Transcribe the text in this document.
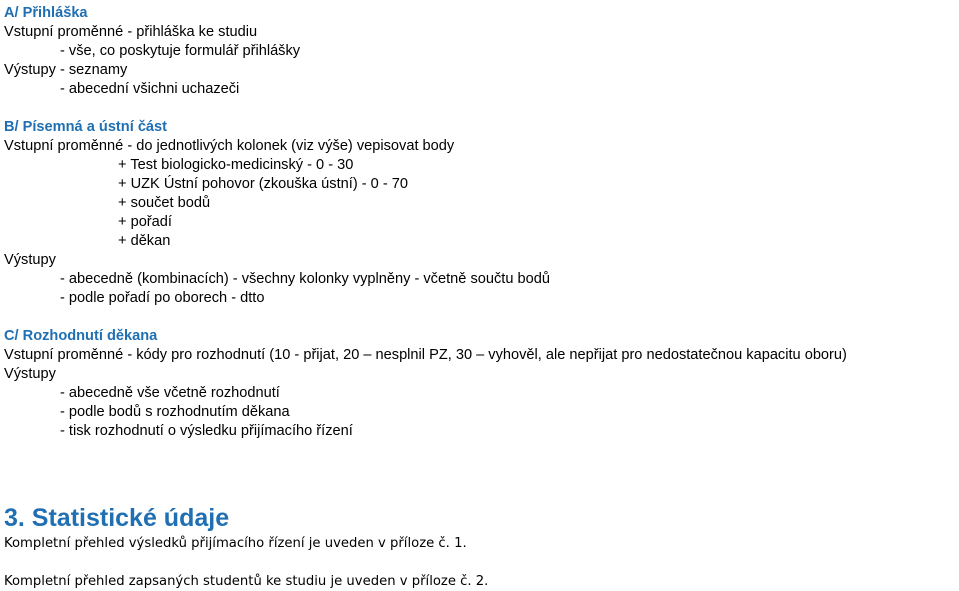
A/ Přihláška
Vstupní proměnné - přihláška ke studiu
- vše, co poskytuje formulář přihlášky
Výstupy - seznamy
- abecední všichni uchazeči
B/ Písemná a ústní část
Vstupní proměnné - do jednotlivých kolonek (viz výše) vepisovat body
+ Test biologicko-medicinský - 0 - 30
+ UZK Ústní pohovor (zkouška ústní) - 0 - 70
+ součet bodů
+ pořadí
+ děkan
Výstupy
- abecedně (kombinacích) - všechny kolonky vyplněny - včetně součtu bodů
- podle pořadí po oborech - dtto
C/ Rozhodnutí děkana
Vstupní proměnné - kódy pro rozhodnutí (10 - přijat, 20 – nesplnil PZ, 30 – vyhověl, ale nepřijat pro nedostatečnou kapacitu oboru)
Výstupy
- abecedně vše včetně rozhodnutí
- podle bodů s rozhodnutím děkana
- tisk rozhodnutí o výsledku přijímacího řízení
3. Statistické údaje
Kompletní přehled výsledků přijímacího řízení je uveden v příloze č. 1.
Kompletní přehled zapsaných studentů ke studiu je uveden v příloze č. 2.
